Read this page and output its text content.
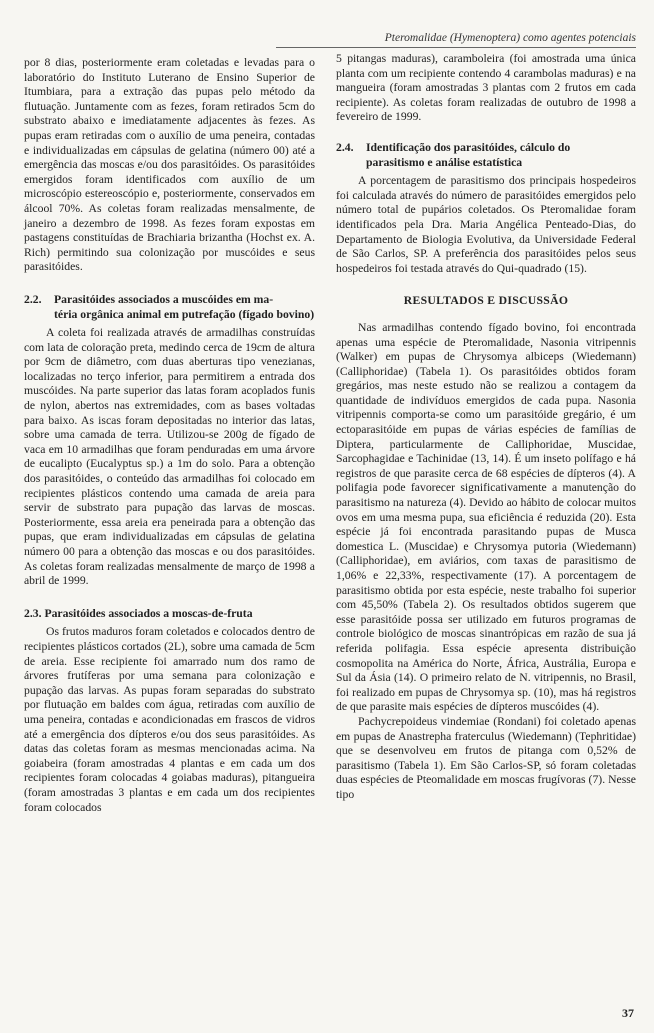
Pteromalidae (Hymenoptera) como agentes potenciais

por 8 dias, posteriormente eram coletadas e levadas para o laboratório do Instituto Luterano de Ensino Superior de Itumbiara, para a extração das pupas pelo método da flutuação. Juntamente com as fezes, foram retirados 5cm do substrato abaixo e imediatamente adjacentes às fezes. As pupas eram retiradas com o auxílio de uma peneira, contadas e individualizadas em cápsulas de gelatina (número 00) até a emergência das moscas e/ou dos parasitóides. Os parasitóides emergidos foram identificados com auxílio de um microscópio estereoscópio e, posteriormente, conservados em álcool 70%. As coletas foram realizadas mensalmente, de janeiro a dezembro de 1998. As fezes foram expostas em pastagens constituídas de Brachiaria brizantha (Hochst ex. A. Rich) permitindo sua colonização por muscóides e seus parasitóides.

2.2. Parasitóides associados a muscóides em ma-
téria orgânica animal em putrefação (fígado bovino)

A coleta foi realizada através de armadilhas construídas com lata de coloração preta, medindo cerca de 19cm de altura por 9cm de diâmetro, com duas aberturas tipo venezianas, localizadas no terço inferior, para permitirem a entrada dos muscóides. Na parte superior das latas foram acoplados funis de nylon, abertos nas extremidades, com as bases voltadas para baixo. As iscas foram depositadas no interior das latas, sobre uma camada de terra. Utilizou-se 200g de fígado de vaca em 10 armadilhas que foram penduradas em uma árvore de eucalipto (Eucalyptus sp.) a 1m do solo. Para a obtenção dos parasitóides, o conteúdo das armadilhas foi colocado em recipientes plásticos contendo uma camada de areia para servir de substrato para pupação das larvas de moscas. Posteriormente, essa areia era peneirada para a obtenção das pupas, que eram individualizadas em cápsulas de gelatina número 00 para a obtenção das moscas e ou dos parasitóides. As coletas foram realizadas mensalmente de março de 1998 a abril de 1999.

2.3. Parasitóides associados a moscas-de-fruta

Os frutos maduros foram coletados e colocados dentro de recipientes plásticos cortados (2L), sobre uma camada de 5cm de areia. Esse recipiente foi amarrado num dos ramo de árvores frutíferas por uma semana para colonização e pupação das larvas. As pupas foram separadas do substrato por flutuação em baldes com água, retiradas com auxílio de uma peneira, contadas e acondicionadas em frascos de vidros até a emergência dos dípteros e/ou dos seus parasitóides. As datas das coletas foram as mesmas mencionadas acima. Na goiabeira (foram amostradas 4 plantas e em cada um dos recipientes foram colocadas 4 goiabas maduras), pitangueira (foram amostradas 3 plantas e em cada um dos recipientes foram colocados

5 pitangas maduras), caramboleira (foi amostrada uma única planta com um recipiente contendo 4 carambolas maduras) e na mangueira (foram amostradas 3 plantas com 2 frutos em cada recipiente). As coletas foram realizadas de outubro de 1998 a fevereiro de 1999.

2.4. Identificação dos parasitóides, cálculo do
parasitismo e análise estatística

A porcentagem de parasitismo dos principais hospedeiros foi calculada através do número de parasitóides emergidos pelo número total de pupários coletados. Os Pteromalidae foram identificados pela Dra. Maria Angélica Penteado-Dias, do Departamento de Biologia Evolutiva, da Universidade Federal de São Carlos, SP. A preferência dos parasitóides pelos seus hospedeiros foi testada através do Qui-quadrado (15).

RESULTADOS E DISCUSSÃO

Nas armadilhas contendo fígado bovino, foi encontrada apenas uma espécie de Pteromalidade, Nasonia vitripennis (Walker) em pupas de Chrysomya albiceps (Wiedemann) (Calliphoridae) (Tabela 1). Os parasitóides obtidos foram gregários, mas neste estudo não se realizou a contagem da quantidade de indivíduos emergidos de cada pupa. Nasonia vitripennis comporta-se como um parasitóide gregário, é um ectoparasitóide em pupas de várias espécies de famílias de Diptera, particularmente de Calliphoridae, Muscidae, Sarcophagidae e Tachinidae (13, 14). É um inseto polífago e há registros de que parasite cerca de 68 espécies de dípteros (4). A polifagia pode favorecer significativamente a manutenção do parasitismo na natureza (4). Devido ao hábito de colocar muitos ovos em uma mesma pupa, sua eficiência é reduzida (20). Esta espécie já foi encontrada parasitando pupas de Musca domestica L. (Muscidae) e Chrysomya putoria (Wiedemann) (Calliphoridae), em aviários, com taxas de parasitismo de 1,06% e 22,33%, respectivamente (17). A porcentagem de parasitismo obtida por esta espécie, neste trabalho foi superior com 45,50% (Tabela 2). Os resultados obtidos sugerem que esse parasitóide possa ser utilizado em futuros programas de controle biológico de moscas sinantrópicas em razão de sua já referida polifagia. Essa espécie apresenta distribuição cosmopolita na América do Norte, África, Austrália, Europa e Sul da Ásia (14). O primeiro relato de N. vitripennis, no Brasil, foi realizado em pupas de Chrysomya sp. (10), mas há registros de que parasite mais espécies de dípteros muscóides (4).

Pachycrepoideus vindemiae (Rondani) foi coletado apenas em pupas de Anastrepha fraterculus (Wiedemann) (Tephritidae) que se desenvolveu em frutos de pitanga com 0,52% de parasitismo (Tabela 1). Em São Carlos-SP, só foram coletadas duas espécies de Pteomalidade em moscas frugívoras (7). Nesse tipo

37
